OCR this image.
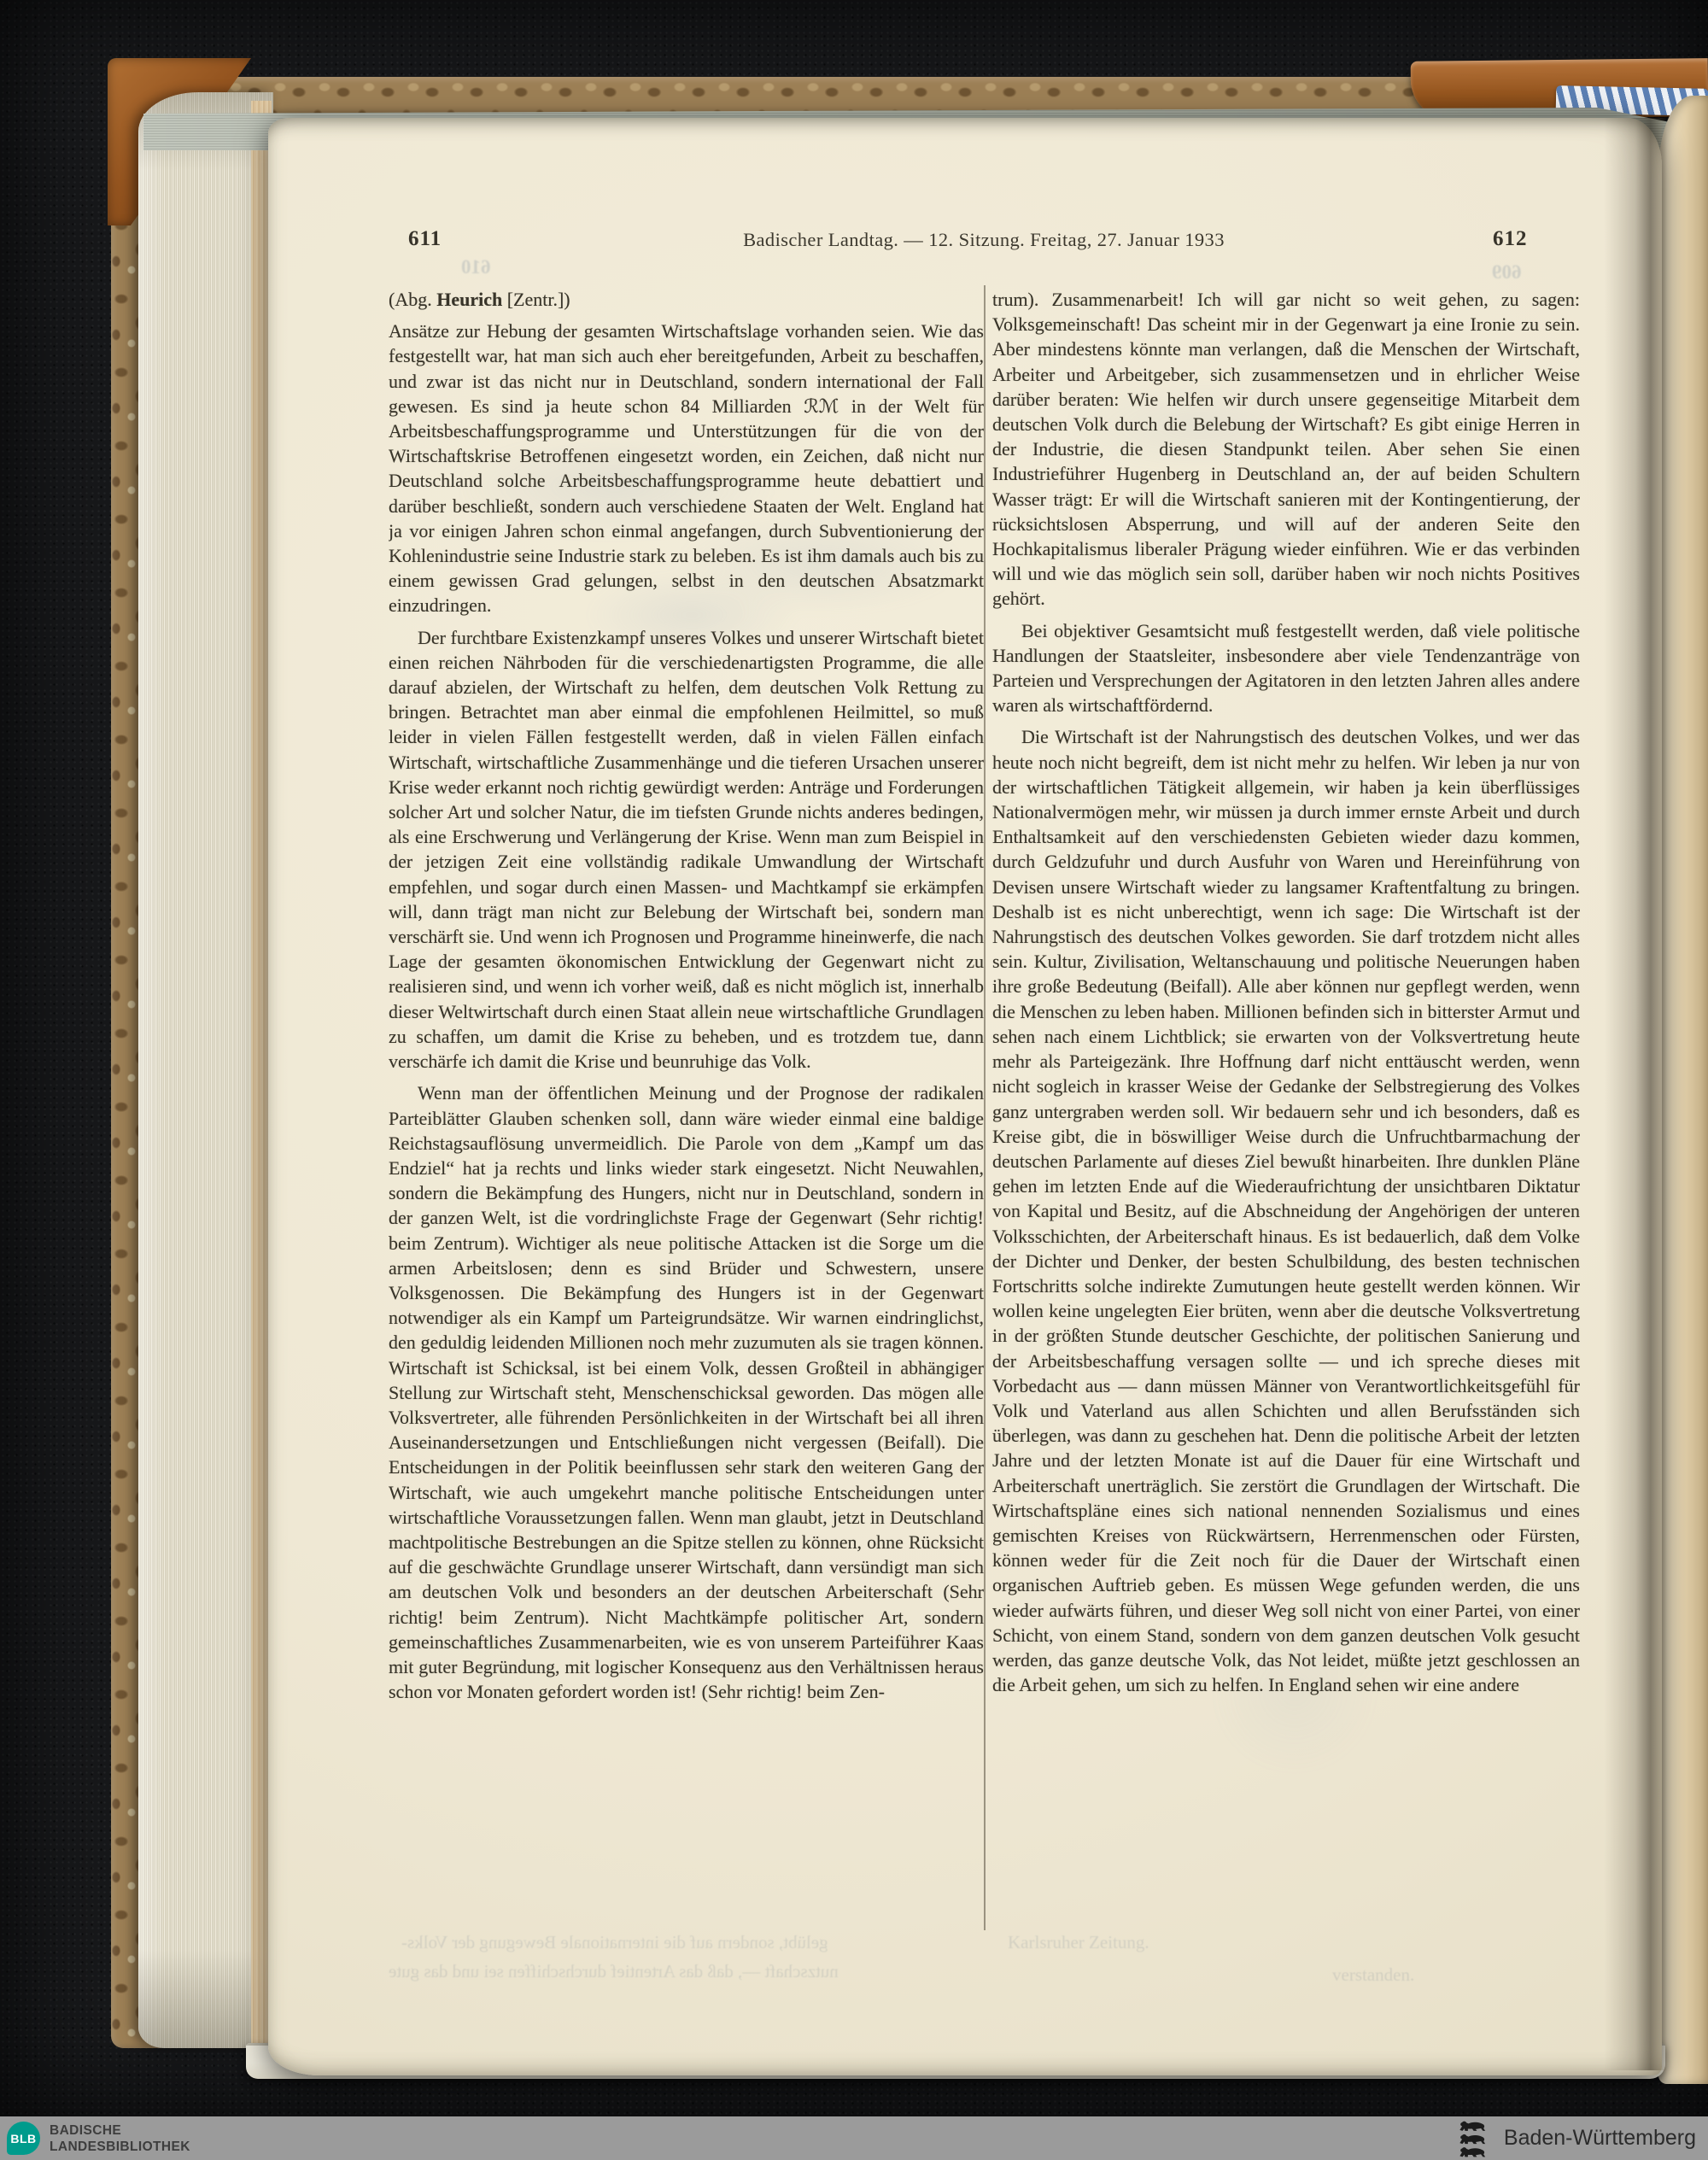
611	Badischer Landtag. — 12. Sitzung. Freitag, 27. Januar 1933	612
610	609

(Abg. Heurich [Zentr.])

Ansätze zur Hebung der gesamten Wirtschaftslage vorhanden seien. Wie das festgestellt war, hat man sich auch eher bereitgefunden, Arbeit zu beschaffen, und zwar ist das nicht nur in Deutschland, sondern international der Fall gewesen. Es sind ja heute schon 84 Milliarden ℛℳ in der Welt für Arbeitsbeschaffungsprogramme und Unterstützungen für die von der Wirtschaftskrise Betroffenen eingesetzt worden, ein Zeichen, daß nicht nur Deutschland solche Arbeitsbeschaffungsprogramme heute debattiert und darüber beschließt, sondern auch verschiedene Staaten der Welt. England hat ja vor einigen Jahren schon einmal angefangen, durch Subventionierung der Kohlenindustrie seine Industrie stark zu beleben. Es ist ihm damals auch bis zu einem gewissen Grad gelungen, selbst in den deutschen Absatzmarkt einzudringen.

Der furchtbare Existenzkampf unseres Volkes und unserer Wirtschaft bietet einen reichen Nährboden für die verschiedenartigsten Programme, die alle darauf abzielen, der Wirtschaft zu helfen, dem deutschen Volk Rettung zu bringen. Betrachtet man aber einmal die empfohlenen Heilmittel, so muß leider in vielen Fällen festgestellt werden, daß in vielen Fällen einfach Wirtschaft, wirtschaftliche Zusammenhänge und die tieferen Ursachen unserer Krise weder erkannt noch richtig gewürdigt werden: Anträge und Forderungen solcher Art und solcher Natur, die im tiefsten Grunde nichts anderes bedingen, als eine Erschwerung und Verlängerung der Krise. Wenn man zum Beispiel in der jetzigen Zeit eine vollständig radikale Umwandlung der Wirtschaft empfehlen, und sogar durch einen Massen- und Machtkampf sie erkämpfen will, dann trägt man nicht zur Belebung der Wirtschaft bei, sondern man verschärft sie. Und wenn ich Prognosen und Programme hineinwerfe, die nach Lage der gesamten ökonomischen Entwicklung der Gegenwart nicht zu realisieren sind, und wenn ich vorher weiß, daß es nicht möglich ist, innerhalb dieser Weltwirtschaft durch einen Staat allein neue wirtschaftliche Grundlagen zu schaffen, um damit die Krise zu beheben, und es trotzdem tue, dann verschärfe ich damit die Krise und beunruhige das Volk.

Wenn man der öffentlichen Meinung und der Prognose der radikalen Parteiblätter Glauben schenken soll, dann wäre wieder einmal eine baldige Reichstagsauflösung unvermeidlich. Die Parole von dem „Kampf um das Endziel“ hat ja rechts und links wieder stark eingesetzt. Nicht Neuwahlen, sondern die Bekämpfung des Hungers, nicht nur in Deutschland, sondern in der ganzen Welt, ist die vordringlichste Frage der Gegenwart (Sehr richtig! beim Zentrum). Wichtiger als neue politische Attacken ist die Sorge um die armen Arbeitslosen; denn es sind Brüder und Schwestern, unsere Volksgenossen. Die Bekämpfung des Hungers ist in der Gegenwart notwendiger als ein Kampf um Parteigrundsätze. Wir warnen eindringlichst, den geduldig leidenden Millionen noch mehr zuzumuten als sie tragen können. Wirtschaft ist Schicksal, ist bei einem Volk, dessen Großteil in abhängiger Stellung zur Wirtschaft steht, Menschenschicksal geworden. Das mögen alle Volksvertreter, alle führenden Persönlichkeiten in der Wirtschaft bei all ihren Auseinandersetzungen und Entschließungen nicht vergessen (Beifall). Die Entscheidungen in der Politik beeinflussen sehr stark den weiteren Gang der Wirtschaft, wie auch umgekehrt manche politische Entscheidungen unter wirtschaftliche Voraussetzungen fallen. Wenn man glaubt, jetzt in Deutschland machtpolitische Bestrebungen an die Spitze stellen zu können, ohne Rücksicht auf die geschwächte Grundlage unserer Wirtschaft, dann versündigt man sich am deutschen Volk und besonders an der deutschen Arbeiterschaft (Sehr richtig! beim Zentrum). Nicht Machtkämpfe politischer Art, sondern gemeinschaftliches Zusammenarbeiten, wie es von unserem Parteiführer Kaas mit guter Begründung, mit logischer Konsequenz aus den Verhältnissen heraus schon vor Monaten gefordert worden ist! (Sehr richtig! beim Zen-

trum). Zusammenarbeit! Ich will gar nicht so weit gehen, zu sagen: Volksgemeinschaft! Das scheint mir in der Gegenwart ja eine Ironie zu sein. Aber mindestens könnte man verlangen, daß die Menschen der Wirtschaft, Arbeiter und Arbeitgeber, sich zusammensetzen und in ehrlicher Weise darüber beraten: Wie helfen wir durch unsere gegenseitige Mitarbeit dem deutschen Volk durch die Belebung der Wirtschaft? Es gibt einige Herren in der Industrie, die diesen Standpunkt teilen. Aber sehen Sie einen Industrieführer Hugenberg in Deutschland an, der auf beiden Schultern Wasser trägt: Er will die Wirtschaft sanieren mit der Kontingentierung, der rücksichtslosen Absperrung, und will auf der anderen Seite den Hochkapitalismus liberaler Prägung wieder einführen. Wie er das verbinden will und wie das möglich sein soll, darüber haben wir noch nichts Positives gehört.

Bei objektiver Gesamtsicht muß festgestellt werden, daß viele politische Handlungen der Staatsleiter, insbesondere aber viele Tendenzanträge von Parteien und Versprechungen der Agitatoren in den letzten Jahren alles andere waren als wirtschaftfördernd.

Die Wirtschaft ist der Nahrungstisch des deutschen Volkes, und wer das heute noch nicht begreift, dem ist nicht mehr zu helfen. Wir leben ja nur von der wirtschaftlichen Tätigkeit allgemein, wir haben ja kein überflüssiges Nationalvermögen mehr, wir müssen ja durch immer ernste Arbeit und durch Enthaltsamkeit auf den verschiedensten Gebieten wieder dazu kommen, durch Geldzufuhr und durch Ausfuhr von Waren und Hereinführung von Devisen unsere Wirtschaft wieder zu langsamer Kraftentfaltung zu bringen. Deshalb ist es nicht unberechtigt, wenn ich sage: Die Wirtschaft ist der Nahrungstisch des deutschen Volkes geworden. Sie darf trotzdem nicht alles sein. Kultur, Zivilisation, Weltanschauung und politische Neuerungen haben ihre große Bedeutung (Beifall). Alle aber können nur gepflegt werden, wenn die Menschen zu leben haben. Millionen befinden sich in bitterster Armut und sehen nach einem Lichtblick; sie erwarten von der Volksvertretung heute mehr als Parteigezänk. Ihre Hoffnung darf nicht enttäuscht werden, wenn nicht sogleich in krasser Weise der Gedanke der Selbstregierung des Volkes ganz untergraben werden soll. Wir bedauern sehr und ich besonders, daß es Kreise gibt, die in böswilliger Weise durch die Unfruchtbarmachung der deutschen Parlamente auf dieses Ziel bewußt hinarbeiten. Ihre dunklen Pläne gehen im letzten Ende auf die Wiederaufrichtung der unsichtbaren Diktatur von Kapital und Besitz, auf die Abschneidung der Angehörigen der unteren Volksschichten, der Arbeiterschaft hinaus. Es ist bedauerlich, daß dem Volke der Dichter und Denker, der besten Schulbildung, des besten technischen Fortschritts solche indirekte Zumutungen heute gestellt werden können. Wir wollen keine ungelegten Eier brüten, wenn aber die deutsche Volksvertretung in der größten Stunde deutscher Geschichte, der politischen Sanierung und der Arbeitsbeschaffung versagen sollte — und ich spreche dieses mit Vorbedacht aus — dann müssen Männer von Verantwortlichkeitsgefühl für Volk und Vaterland aus allen Schichten und allen Berufsständen sich überlegen, was dann zu geschehen hat. Denn die politische Arbeit der letzten Jahre und der letzten Monate ist auf die Dauer für eine Wirtschaft und Arbeiterschaft unerträglich. Sie zerstört die Grundlagen der Wirtschaft. Die Wirtschaftspläne eines sich national nennenden Sozialismus und eines gemischten Kreises von Rückwärtsern, Herrenmenschen oder Fürsten, können weder für die Zeit noch für die Dauer der Wirtschaft einen organischen Auftrieb geben. Es müssen Wege gefunden werden, die uns wieder aufwärts führen, und dieser Weg soll nicht von einer Partei, von einer Schicht, von einem Stand, sondern von dem ganzen deutschen Volk gesucht werden, das ganze deutsche Volk, das Not leidet, müßte jetzt geschlossen an die Arbeit gehen, um sich zu helfen. In England sehen wir eine andere

gelübt, sondern auf die internationale Bewegung der Volks-
nutzschaft —, daß das Artentief durchschiffen sei und das gute
Karlsruher Zeitung.
verstanden.
BLB
BADISCHE
LANDESBIBLIOTHEK	Baden-Württemberg
